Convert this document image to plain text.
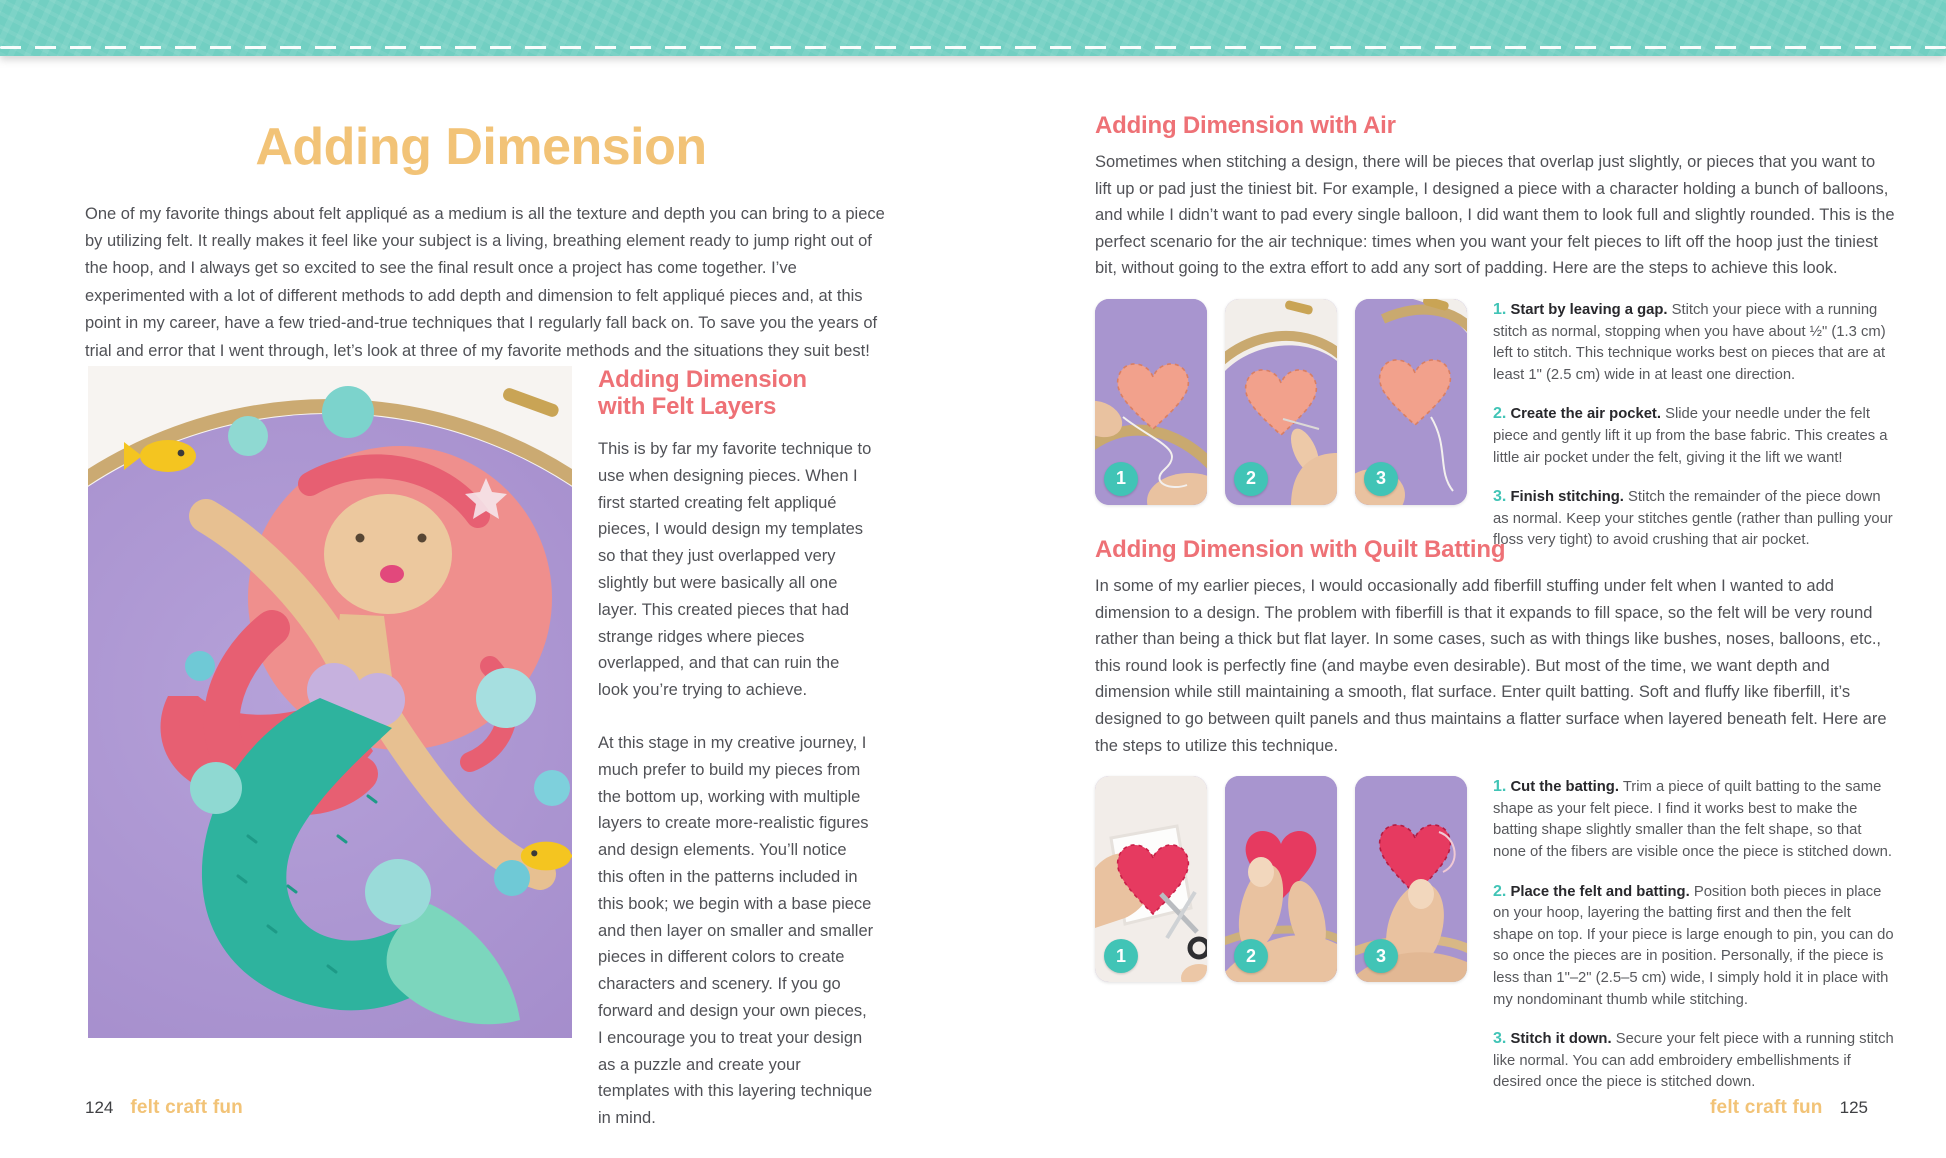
Adding Dimension

One of my favorite things about felt appliqué as a medium is all the texture and depth you can bring to a piece by utilizing felt. It really makes it feel like your subject is a living, breathing element ready to jump right out of the hoop, and I always get so excited to see the final result once a project has come together. I’ve experimented with a lot of different methods to add depth and dimension to felt appliqué pieces and, at this point in my career, have a few tried-and-true techniques that I regularly fall back on. To save you the years of trial and error that I went through, let’s look at three of my favorite methods and the situations they suit best!

Adding Dimension
with Felt Layers

This is by far my favorite technique to use when designing pieces. When I first started creating felt appliqué pieces, I would design my templates so that they just overlapped very slightly but were basically all one layer. This created pieces that had strange ridges where pieces overlapped, and that can ruin the look you’re trying to achieve.

At this stage in my creative journey, I much prefer to build my pieces from the bottom up, working with multiple layers to create more-realistic figures and design elements. You’ll notice this often in the patterns included in this book; we begin with a base piece and then layer on smaller and smaller pieces in different colors to create characters and scenery. If you go forward and design your own pieces, I encourage you to treat your design as a puzzle and create your templates with this layering technique in mind.

124 felt craft fun
Adding Dimension with Air

Sometimes when stitching a design, there will be pieces that overlap just slightly, or pieces that you want to lift up or pad just the tiniest bit. For example, I designed a piece with a character holding a bunch of balloons, and while I didn’t want to pad every single balloon, I did want them to look full and slightly rounded. This is the perfect scenario for the air technique: times when you want your felt pieces to lift off the hoop just the tiniest bit, without going to the extra effort to add any sort of padding. Here are the steps to achieve this look.

1	2	3

1. Start by leaving a gap. Stitch your piece with a running stitch as normal, stopping when you have about ½" (1.3 cm) left to stitch. This technique works best on pieces that are at least 1" (2.5 cm) wide in at least one direction.

2. Create the air pocket. Slide your needle under the felt piece and gently lift it up from the base fabric. This creates a little air pocket under the felt, giving it the lift we want!

3. Finish stitching. Stitch the remainder of the piece down as normal. Keep your stitches gentle (rather than pulling your floss very tight) to avoid crushing that air pocket.

Adding Dimension with Quilt Batting

In some of my earlier pieces, I would occasionally add fiberfill stuffing under felt when I wanted to add dimension to a design. The problem with fiberfill is that it expands to fill space, so the felt will be very round rather than being a thick but flat layer. In some cases, such as with things like bushes, noses, balloons, etc., this round look is perfectly fine (and maybe even desirable). But most of the time, we want depth and dimension while still maintaining a smooth, flat surface. Enter quilt batting. Soft and fluffy like fiberfill, it’s designed to go between quilt panels and thus maintains a flatter surface when layered beneath felt. Here are the steps to utilize this technique.

1	2	3

1. Cut the batting. Trim a piece of quilt batting to the same shape as your felt piece. I find it works best to make the batting shape slightly smaller than the felt shape, so that none of the fibers are visible once the piece is stitched down.

2. Place the felt and batting. Position both pieces in place on your hoop, layering the batting first and then the felt shape on top. If your piece is large enough to pin, you can do so once the pieces are in position. Personally, if the piece is less than 1"–2" (2.5–5 cm) wide, I simply hold it in place with my nondominant thumb while stitching.

3. Stitch it down. Secure your felt piece with a running stitch like normal. You can add embroidery embellishments if desired once the piece is stitched down.

felt craft fun 125
